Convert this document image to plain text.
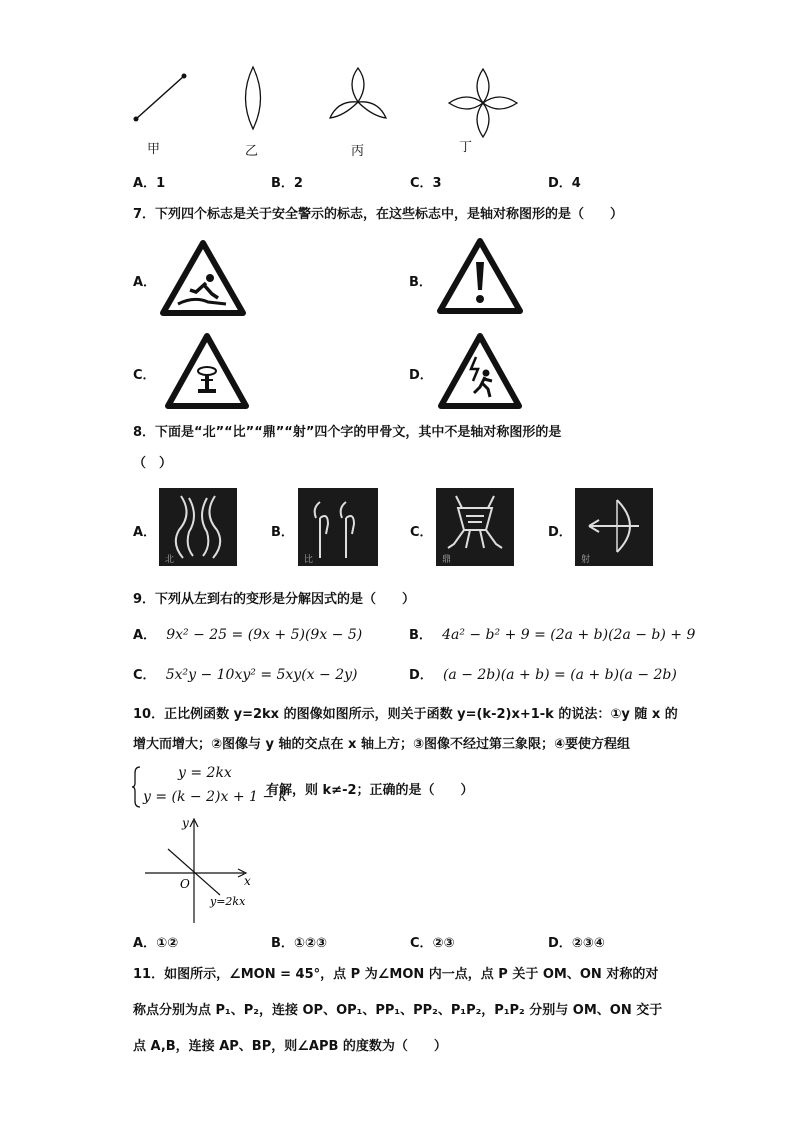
甲	乙	丙	丁
A．1	B．2	C．3	D．4
7．下列四个标志是关于安全警示的标志，在这些标志中，是轴对称图形的是（　　）
A．	B．
C．	D．
8．下面是“北”“比”“鼎”“射”四个字的甲骨文，其中不是轴对称图形的是
（　）
A．
北
B．
比
C．
鼎
D．
射
9．下列从左到右的变形是分解因式的是（　　）
A． 9x² − 25 = (9x + 5)(9x − 5)	B． 4a² − b² + 9 = (2a + b)(2a − b) + 9
C． 5x²y − 10xy² = 5xy(x − 2y)	D． (a − 2b)(a + b) = (a + b)(a − 2b)
10．正比例函数 y=2kx 的图像如图所示，则关于函数 y=(k-2)x+1-k 的说法：①y 随 x 的
增大而增大；②图像与 y 轴的交点在 x 轴上方；③图像不经过第三象限；④要使方程组
y = 2kx
y = (k − 2)x + 1 − k
有解，则 k≠-2；正确的是（　　）
y
x
O
y=2kx
A．①②	B．①②③	C．②③	D．②③④
11．如图所示，∠MON = 45°，点 P 为∠MON 内一点，点 P 关于 OM、ON 对称的对
称点分别为点 P₁、P₂，连接 OP、OP₁、PP₁、PP₂、P₁P₂，P₁P₂ 分别与 OM、ON 交于
点 A,B，连接 AP、BP，则∠APB 的度数为（　　）
